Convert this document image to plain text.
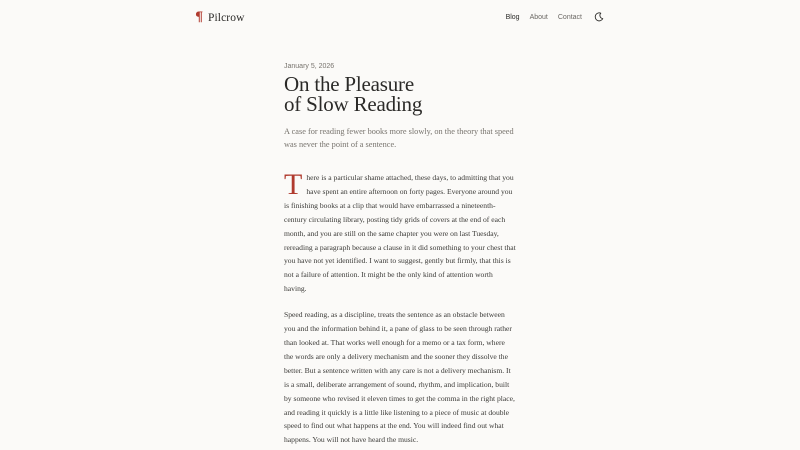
¶ Pilcrow	Blog About Contact

January 5, 2026

On the Pleasure
of Slow Reading

A case for reading fewer books more slowly, on the theory that speed was never the point of a sentence.

There is a particular shame attached, these days, to admitting that you have spent an entire afternoon on forty pages. Everyone around you is finishing books at a clip that would have embarrassed a nineteenth-century circulating library, posting tidy grids of covers at the end of each month, and you are still on the same chapter you were on last Tuesday, rereading a paragraph because a clause in it did something to your chest that you have not yet identified. I want to suggest, gently but firmly, that this is not a failure of attention. It might be the only kind of attention worth having.

Speed reading, as a discipline, treats the sentence as an obstacle between you and the information behind it, a pane of glass to be seen through rather than looked at. That works well enough for a memo or a tax form, where the words are only a delivery mechanism and the sooner they dissolve the better. But a sentence written with any care is not a delivery mechanism. It is a small, deliberate arrangement of sound, rhythm, and implication, built by someone who revised it eleven times to get the comma in the right place, and reading it quickly is a little like listening to a piece of music at double speed to find out what happens at the end. You will indeed find out what happens. You will not have heard the music.
